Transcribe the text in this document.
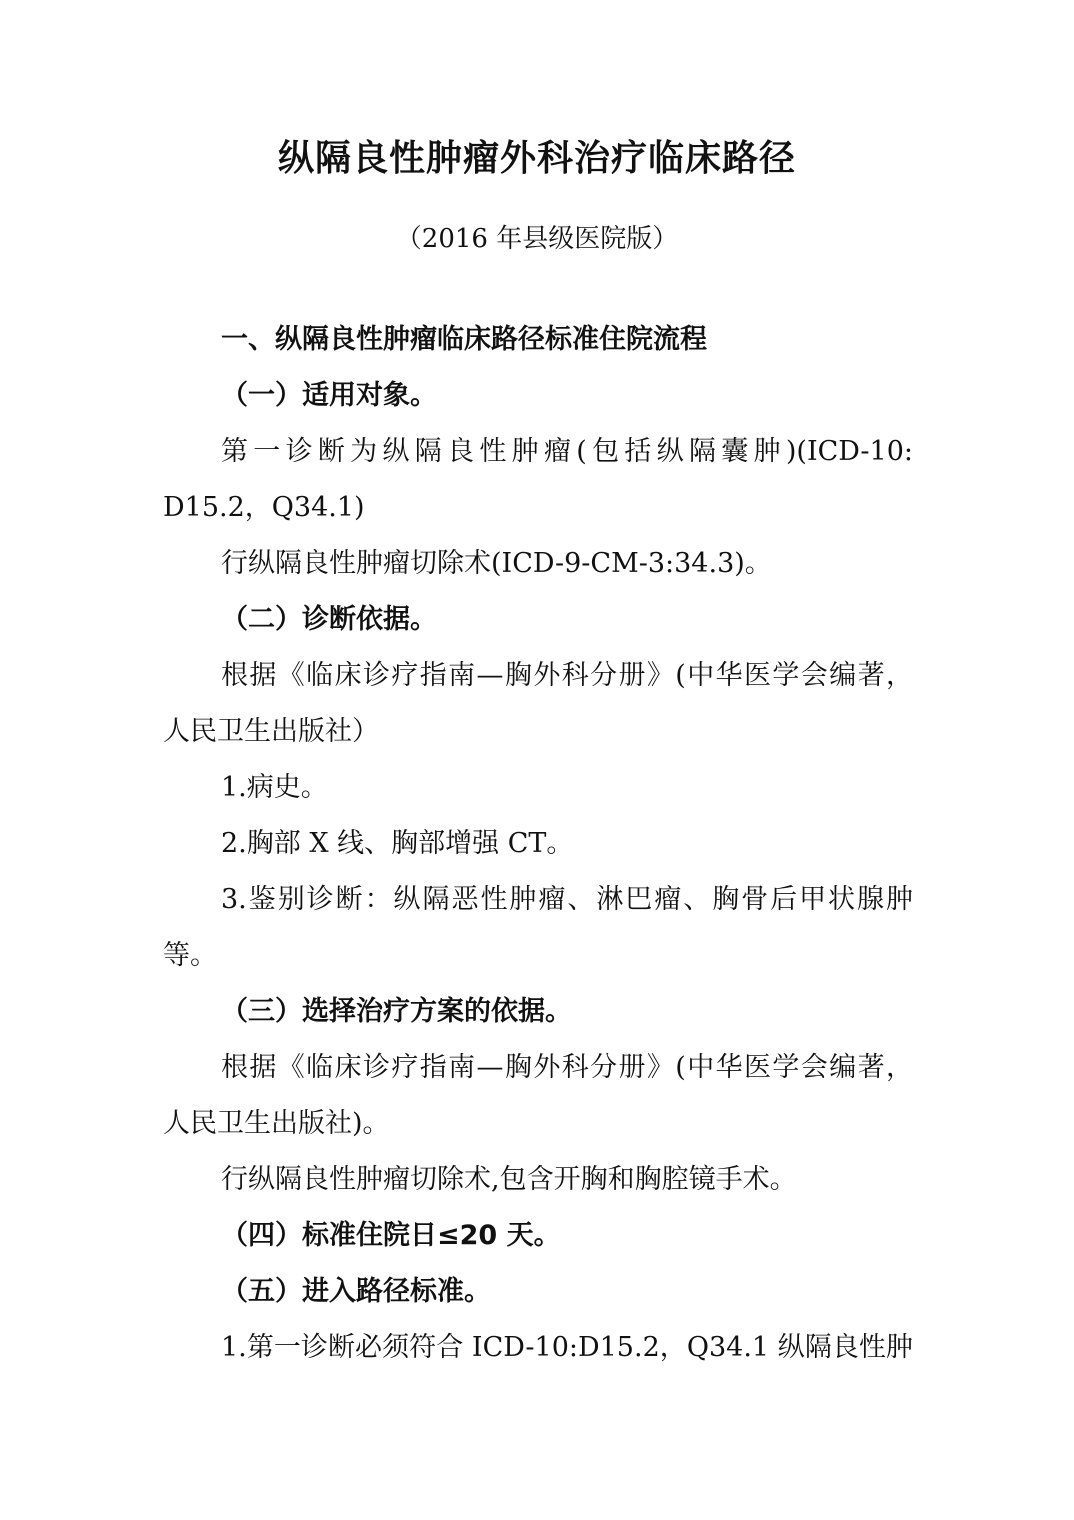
纵隔良性肿瘤外科治疗临床路径
（2016 年县级医院版）
一、纵隔良性肿瘤临床路径标准住院流程
（一）适用对象。
第一诊断为纵隔良性肿瘤(包括纵隔囊肿)(ICD-10:
D15.2，Q34.1)
行纵隔良性肿瘤切除术(ICD-9-CM-3:34.3)。
（二）诊断依据。
根据《临床诊疗指南—胸外科分册》(中华医学会编著，
人民卫生出版社）
1.病史。
2.胸部 X 线、胸部增强 CT。
3.鉴别诊断：纵隔恶性肿瘤、淋巴瘤、胸骨后甲状腺肿
等。
（三）选择治疗方案的依据。
根据《临床诊疗指南—胸外科分册》(中华医学会编著，
人民卫生出版社)。
行纵隔良性肿瘤切除术,包含开胸和胸腔镜手术。
（四）标准住院日≤20 天。
（五）进入路径标准。
1.第一诊断必须符合 ICD-10:D15.2，Q34.1 纵隔良性肿
